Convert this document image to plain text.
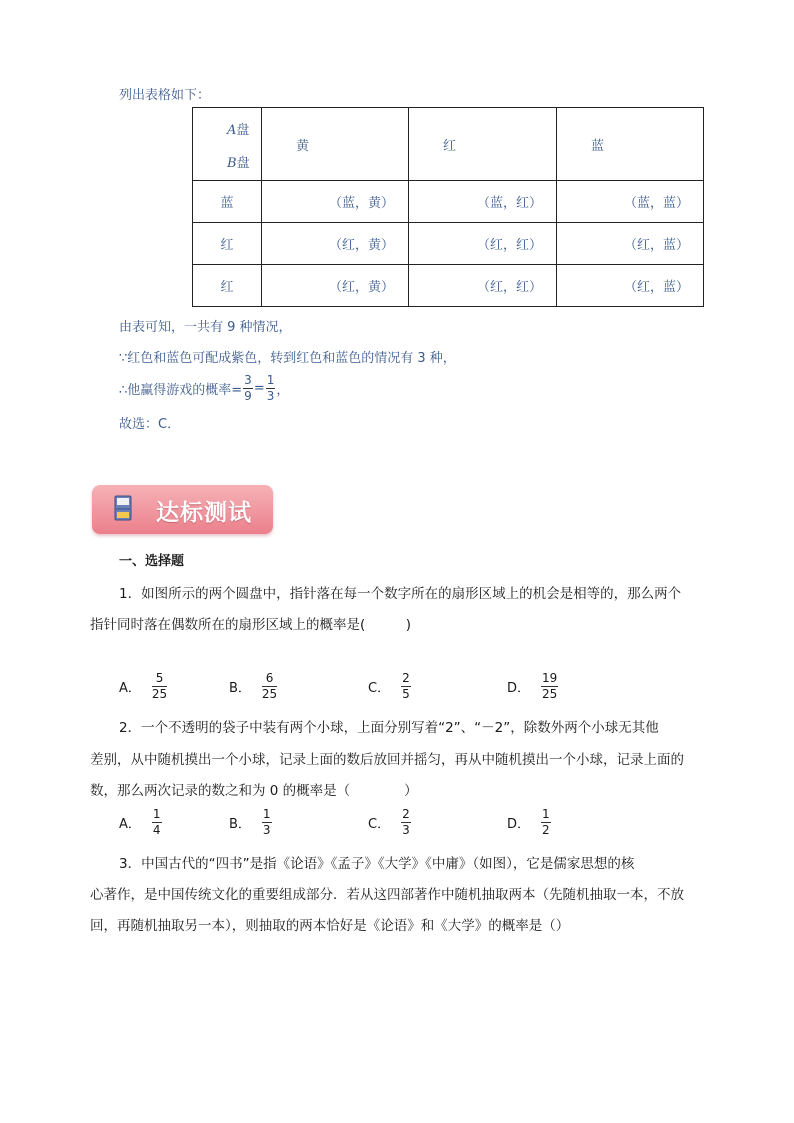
列出表格如下：
A盘
B盘	黄	红	蓝
蓝	（蓝，黄）	（蓝，红）	（蓝，蓝）
红	（红，黄）	（红，红）	（红，蓝）
红	（红，黄）	（红，红）	（红，蓝）
由表可知，一共有 9 种情况，
∵红色和蓝色可配成紫色，转到红色和蓝色的情况有 3 种，
∴他赢得游戏的概率= $\frac{3}{9} = \frac{1}{3}$ ，
故选：C．
达标测试
一、选择题
1．如图所示的两个圆盘中，指针落在每一个数字所在的扇形区域上的机会是相等的，那么两个
指针同时落在偶数所在的扇形区域上的概率是(　　　)
A． $\frac{5}{25}$	B． $\frac{6}{25}$	C． $\frac{2}{5}$	D． $\frac{19}{25}$
2．一个不透明的袋子中装有两个小球，上面分别写着“2”、“－2”，除数外两个小球无其他
差别，从中随机摸出一个小球，记录上面的数后放回并摇匀，再从中随机摸出一个小球，记录上面的
数，那么两次记录的数之和为 0 的概率是（　　　　）
A． $\frac{1}{4}$	B． $\frac{1}{3}$	C． $\frac{2}{3}$	D． $\frac{1}{2}$
3．中国古代的“四书”是指《论语》《孟子》《大学》《中庸》（如图），它是儒家思想的核
心著作，是中国传统文化的重要组成部分．若从这四部著作中随机抽取两本（先随机抽取一本，不放
回，再随机抽取另一本），则抽取的两本恰好是《论语》和《大学》的概率是（）
